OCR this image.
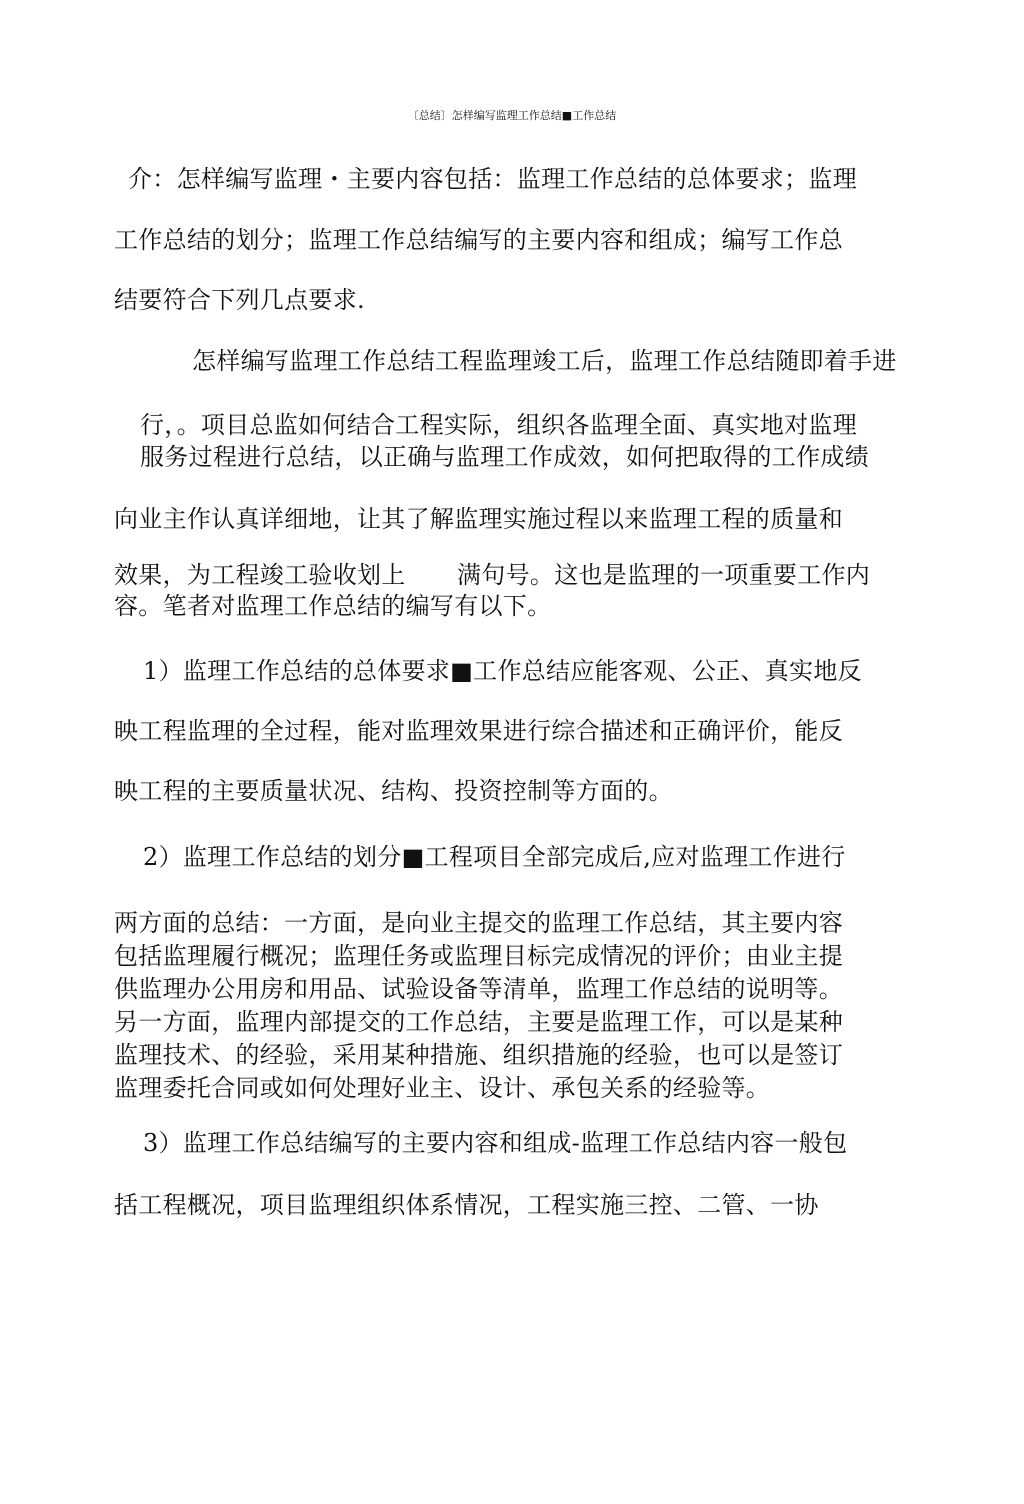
〔总结〕怎样编写监理工作总结■工作总结
介：怎样编写监理・主要内容包括：监理工作总结的总体要求；监理
工作总结的划分；监理工作总结编写的主要内容和组成；编写工作总
结要符合下列几点要求.
怎样编写监理工作总结工程监理竣工后，监理工作总结随即着手进
行，。项目总监如何结合工程实际，组织各监理全面、真实地对监理
服务过程进行总结，以正确与监理工作成效，如何把取得的工作成绩
向业主作认真详细地，让其了解监理实施过程以来监理工程的质量和
效果，为工程竣工验收划上 满句号。这也是监理的一项重要工作内
容。笔者对监理工作总结的编写有以下。
1）监理工作总结的总体要求■工作总结应能客观、公正、真实地反
映工程监理的全过程，能对监理效果进行综合描述和正确评价，能反
映工程的主要质量状况、结构、投资控制等方面的。
2）监理工作总结的划分■工程项目全部完成后,应对监理工作进行
两方面的总结：一方面，是向业主提交的监理工作总结，其主要内容
包括监理履行概况；监理任务或监理目标完成情况的评价；由业主提
供监理办公用房和用品、试验设备等清单，监理工作总结的说明等。
另一方面，监理内部提交的工作总结，主要是监理工作，可以是某种
监理技术、的经验，采用某种措施、组织措施的经验，也可以是签订
监理委托合同或如何处理好业主、设计、承包关系的经验等。
3）监理工作总结编写的主要内容和组成-监理工作总结内容一般包
括工程概况，项目监理组织体系情况，工程实施三控、二管、一协
